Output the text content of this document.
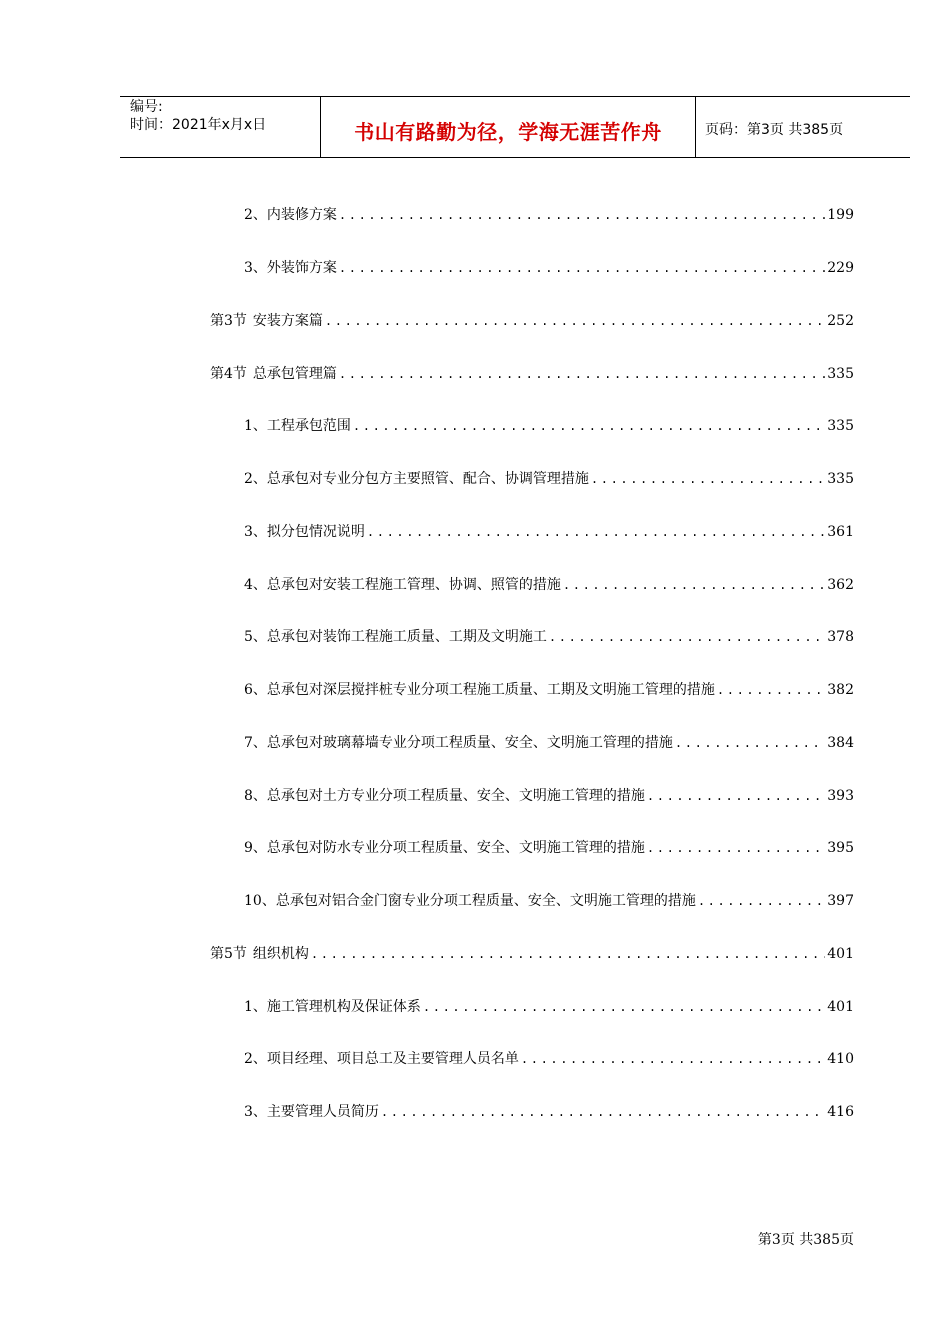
编号:
时间：2021年x月x日	书山有路勤为径，学海无涯苦作舟	页码：第3页 共385页
2、 内装修方案 .....	199
3、 外装饰方案 .....	229
第3节 安装方案篇 .....	252
第4节 总承包管理篇 .....	335
1、 工程承包范围 .....	335
2、 总承包对专业分包方主要照管、配合、协调管理措施 .....	335
3、 拟分包情况说明 .....	361
4、 总承包对安装工程施工管理、协调、照管的措施 .....	362
5、 总承包对装饰工程施工质量、工期及文明施工 .....	378
6、 总承包对深层搅拌桩专业分项工程施工质量、工期及文明施工管理的措施 .....	382
7、 总承包对玻璃幕墙专业分项工程质量、安全、文明施工管理的措施 .....	384
8、 总承包对土方专业分项工程质量、安全、文明施工管理的措施 .....	393
9、 总承包对防水专业分项工程质量、安全、文明施工管理的措施 .....	395
10、 总承包对铝合金门窗专业分项工程质量、安全、文明施工管理的措施 .....	397
第5节 组织机构 .....	401
1、 施工管理机构及保证体系 .....	401
2、 项目经理、项目总工及主要管理人员名单 .....	410
3、 主要管理人员简历 .....	416
第3页 共385页
